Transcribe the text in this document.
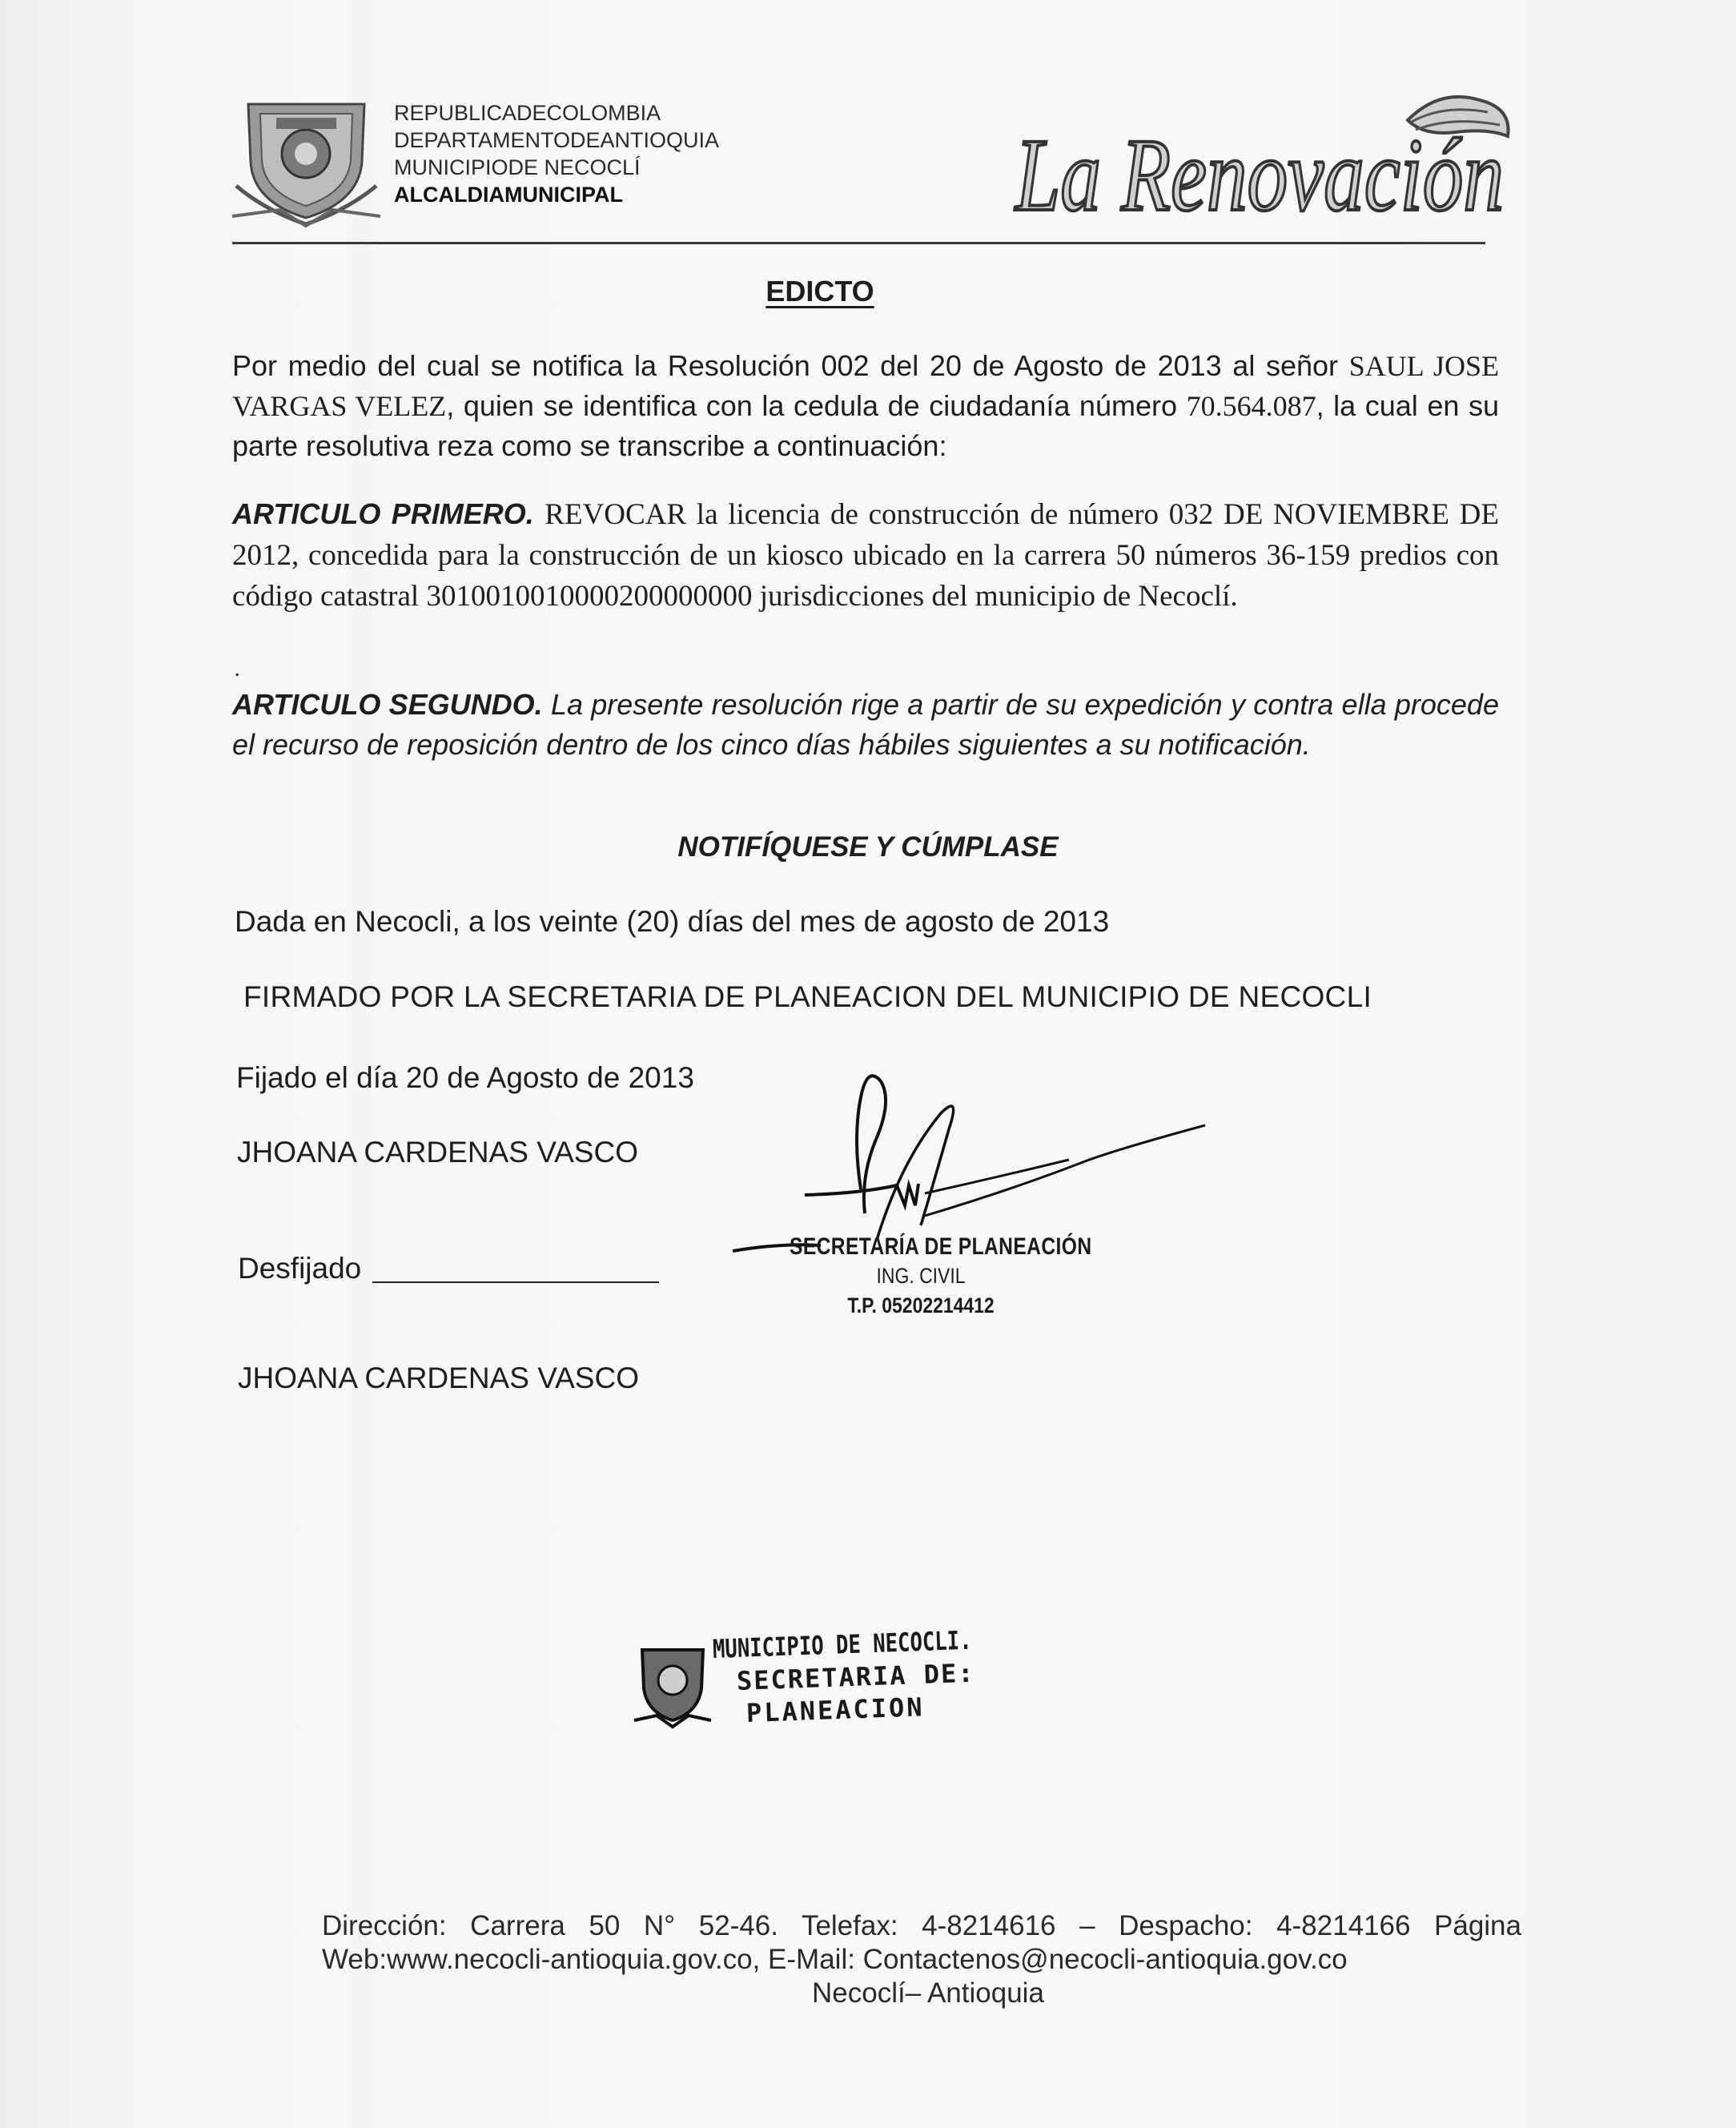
REPUBLICADECOLOMBIA
DEPARTAMENTODEANTIOQUIA
MUNICIPIODE NECOCLÍ
ALCALDIAMUNICIPAL	La Renovación
EDICTO
Por medio del cual se notifica la Resolución 002 del 20 de Agosto de 2013 al señor SAUL JOSE VARGAS VELEZ, quien se identifica con la cedula de ciudadanía número 70.564.087, la cual en su parte resolutiva reza como se transcribe a continuación:
ARTICULO PRIMERO. REVOCAR la licencia de construcción de número 032 DE NOVIEMBRE DE 2012, concedida para la construcción de un kiosco ubicado en la carrera 50 números 36-159 predios con código catastral 3010010010000200000000 jurisdicciones del municipio de Necoclí.
.
ARTICULO SEGUNDO. La presente resolución rige a partir de su expedición y contra ella procede el recurso de reposición dentro de los cinco días hábiles siguientes a su notificación.
NOTIFÍQUESE Y CÚMPLASE
Dada en Necocli, a los veinte (20) días del mes de agosto de 2013
FIRMADO POR LA SECRETARIA DE PLANEACION DEL MUNICIPIO DE NECOCLI
Fijado el día 20 de Agosto de 2013
JHOANA CARDENAS VASCO
Desfijado
JHOANA CARDENAS VASCO
SECRETARÍA DE PLANEACIÓN
ING. CIVIL
T.P. 05202214412
MUNICIPIO DE NECOCLI.
SECRETARIA DE:
PLANEACION
Dirección: Carrera 50 N° 52-46. Telefax: 4-8214616 – Despacho: 4-8214166 Página
Web:www.necocli-antioquia.gov.co, E-Mail: Contactenos@necocli-antioquia.gov.co
Necoclí– Antioquia
